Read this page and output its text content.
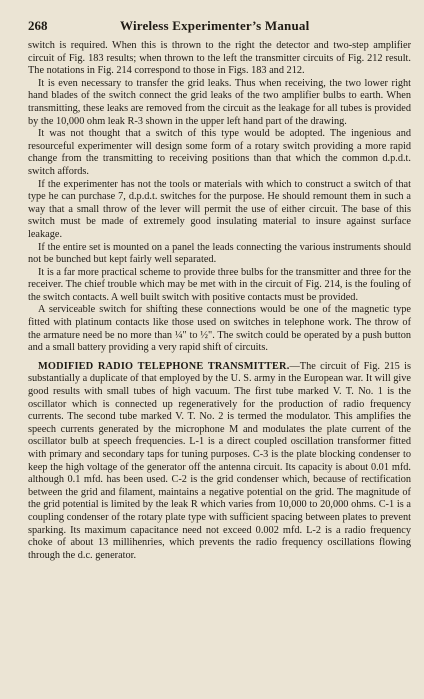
268	Wireless Experimenter’s Manual

switch is required. When this is thrown to the right the detector and two-step amplifier circuit of Fig. 183 results; when thrown to the left the transmitter circuits of Fig. 212 result. The notations in Fig. 214 correspond to those in Figs. 183 and 212.

It is even necessary to transfer the grid leaks. Thus when receiving, the two lower right hand blades of the switch connect the grid leaks of the two amplifier bulbs to earth. When transmitting, these leaks are removed from the circuit as the leakage for all tubes is provided by the 10,000 ohm leak R-3 shown in the upper left hand part of the drawing.

It was not thought that a switch of this type would be adopted. The ingenious and resourceful experimenter will design some form of a rotary switch providing a more rapid change from the transmitting to receiving positions than that which the common d.p.d.t. switch affords.

If the experimenter has not the tools or materials with which to construct a switch of that type he can purchase 7, d.p.d.t. switches for the purpose. He should remount them in such a way that a small throw of the lever will permit the use of either circuit. The base of this switch must be made of extremely good insulating material to insure against surface leakage.

If the entire set is mounted on a panel the leads connecting the various instruments should not be bunched but kept fairly well separated.

It is a far more practical scheme to provide three bulbs for the transmitter and three for the receiver. The chief trouble which may be met with in the circuit of Fig. 214, is the fouling of the switch contacts. A well built switch with positive contacts must be provided.

A serviceable switch for shifting these connections would be one of the magnetic type fitted with platinum contacts like those used on switches in telephone work. The throw of the armature need be no more than ¼" to ½". The switch could be operated by a push button and a small battery providing a very rapid shift of circuits.

MODIFIED RADIO TELEPHONE TRANSMITTER.—The circuit of Fig. 215 is substantially a duplicate of that employed by the U. S. army in the European war. It will give good results with small tubes of high vacuum. The first tube marked V. T. No. 1 is the oscillator which is connected up regeneratively for the production of radio frequency currents. The second tube marked V. T. No. 2 is termed the modulator. This amplifies the speech currents generated by the microphone M and modulates the plate current of the oscillator bulb at speech frequencies. L-1 is a direct coupled oscillation transformer fitted with primary and secondary taps for tuning purposes. C-3 is the plate blocking condenser to keep the high voltage of the generator off the antenna circuit. Its capacity is about 0.01 mfd. although 0.1 mfd. has been used. C-2 is the grid condenser which, because of rectification between the grid and filament, maintains a negative potential on the grid. The magnitude of the grid potential is limited by the leak R which varies from 10,000 to 20,000 ohms. C-1 is a coupling condenser of the rotary plate type with sufficient spacing between plates to prevent sparking. Its maximum capacitance need not exceed 0.002 mfd. L-2 is a radio frequency choke of about 13 millihenries, which prevents the radio frequency oscillations flowing through the d.c. generator.
